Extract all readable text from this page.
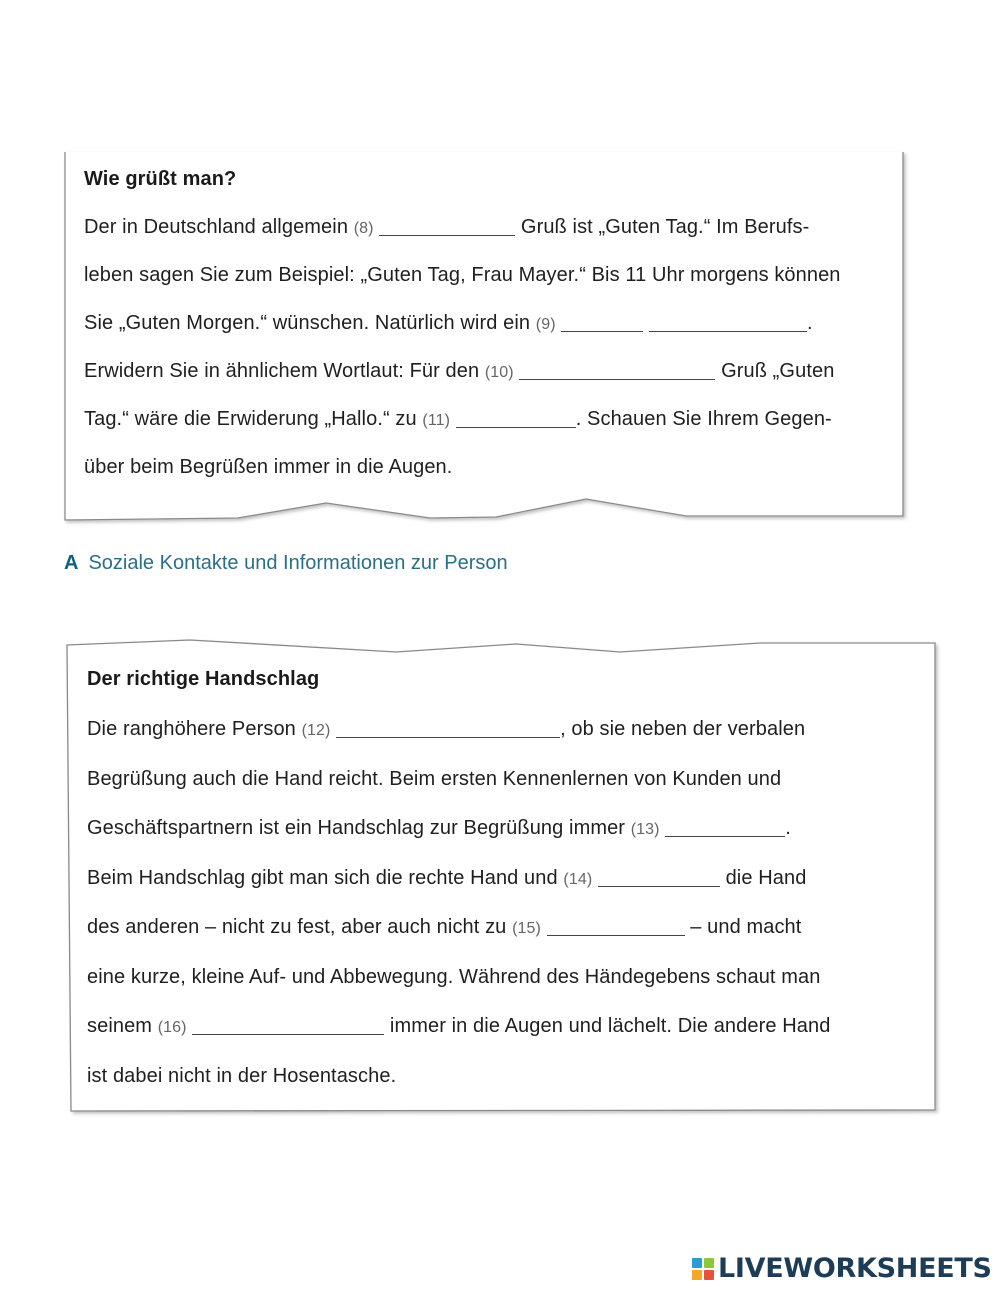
Wie grüßt man?
Der in Deutschland allgemein (8)	Gruß ist „Guten Tag.“ Im Berufs-
leben sagen Sie zum Beispiel: „Guten Tag, Frau Mayer.“ Bis 11 Uhr morgens können
Sie „Guten Morgen.“ wünschen. Natürlich wird ein (9)	.
Erwidern Sie in ähnlichem Wortlaut: Für den (10)	Gruß „Guten
Tag.“ wäre die Erwiderung „Hallo.“ zu (11)	. Schauen Sie Ihrem Gegen-
über beim Begrüßen immer in die Augen.
A Soziale Kontakte und Informationen zur Person
Der richtige Handschlag
Die ranghöhere Person (12)	, ob sie neben der verbalen
Begrüßung auch die Hand reicht. Beim ersten Kennenlernen von Kunden und
Geschäftspartnern ist ein Handschlag zur Begrüßung immer (13)	.
Beim Handschlag gibt man sich die rechte Hand und (14)	die Hand
des anderen – nicht zu fest, aber auch nicht zu (15)	– und macht
eine kurze, kleine Auf- und Abbewegung. Während des Händegebens schaut man
seinem (16)	immer in die Augen und lächelt. Die andere Hand
ist dabei nicht in der Hosentasche.
LIVEWORKSHEETS
